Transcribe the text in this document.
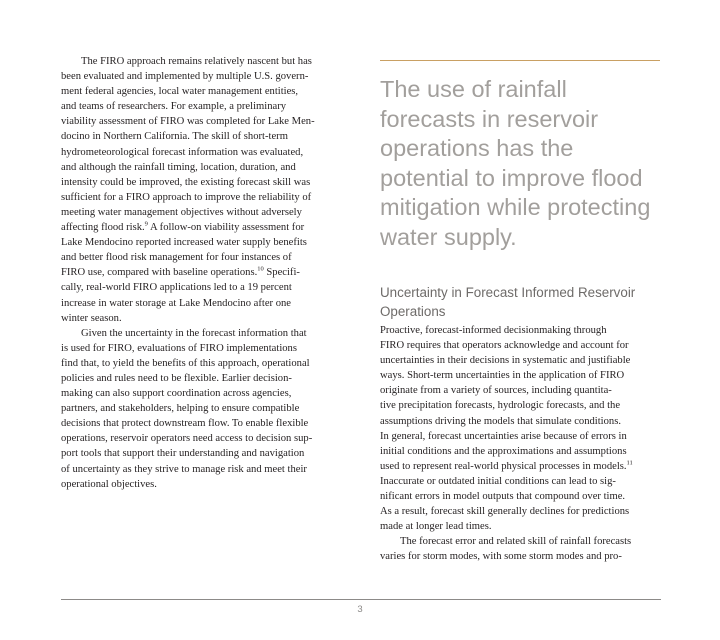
The FIRO approach remains relatively nascent but has
been evaluated and implemented by multiple U.S. govern-
ment federal agencies, local water management entities,
and teams of researchers. For example, a preliminary
viability assessment of FIRO was completed for Lake Men-
docino in Northern California. The skill of short-term
hydrometeorological forecast information was evaluated,
and although the rainfall timing, location, duration, and
intensity could be improved, the existing forecast skill was
sufficient for a FIRO approach to improve the reliability of
meeting water management objectives without adversely
affecting flood risk.$^9$ A follow-on viability assessment for
Lake Mendocino reported increased water supply benefits
and better flood risk management for four instances of
FIRO use, compared with baseline operations.$^{10}$ Specifi-
cally, real-world FIRO applications led to a 19 percent
increase in water storage at Lake Mendocino after one
winter season.

Given the uncertainty in the forecast information that
is used for FIRO, evaluations of FIRO implementations
find that, to yield the benefits of this approach, operational
policies and rules need to be flexible. Earlier decision-
making can also support coordination across agencies,
partners, and stakeholders, helping to ensure compatible
decisions that protect downstream flow. To enable flexible
operations, reservoir operators need access to decision sup-
port tools that support their understanding and navigation
of uncertainty as they strive to manage risk and meet their
operational objectives.

The use of rainfall
forecasts in reservoir
operations has the
potential to improve flood
mitigation while protecting
water supply.
Uncertainty in Forecast Informed Reservoir
Operations

Proactive, forecast-informed decisionmaking through
FIRO requires that operators acknowledge and account for
uncertainties in their decisions in systematic and justifiable
ways. Short-term uncertainties in the application of FIRO
originate from a variety of sources, including quantita-
tive precipitation forecasts, hydrologic forecasts, and the
assumptions driving the models that simulate conditions.
In general, forecast uncertainties arise because of errors in
initial conditions and the approximations and assumptions
used to represent real-world physical processes in models.$^{11}$
Inaccurate or outdated initial conditions can lead to sig-
nificant errors in model outputs that compound over time.
As a result, forecast skill generally declines for predictions
made at longer lead times.

The forecast error and related skill of rainfall forecasts
varies for storm modes, with some storm modes and pro-

3
